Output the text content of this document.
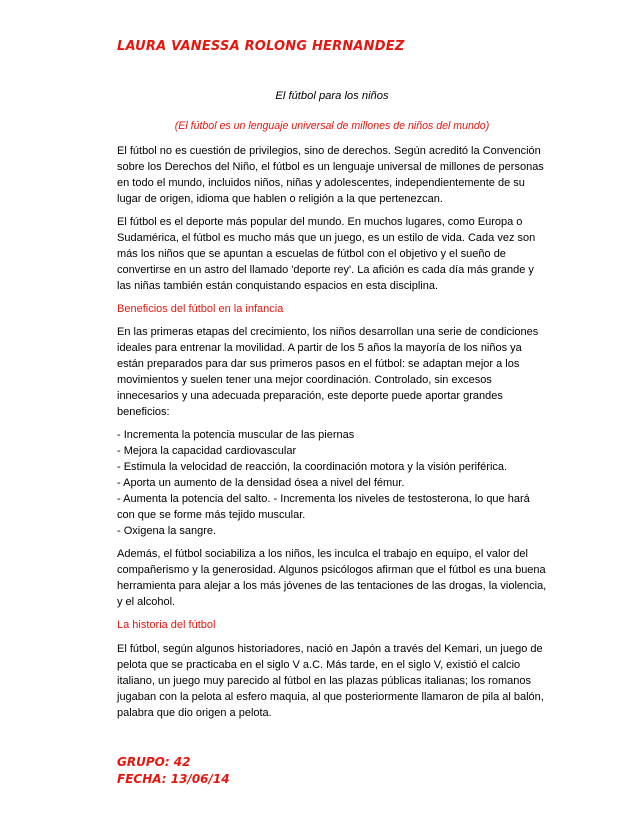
LAURA VANESSA ROLONG HERNANDEZ
El fútbol para los niños
(El fútbol es un lenguaje universal de millones de niños del mundo)

El fútbol no es cuestión de privilegios, sino de derechos. Según acreditó la Convención sobre los Derechos del Niño, el fútbol es un lenguaje universal de millones de personas en todo el mundo, incluidos niños, niñas y adolescentes, independientemente de su lugar de origen, idioma que hablen o religión a la que pertenezcan.

El fútbol es el deporte más popular del mundo. En muchos lugares, como Europa o Sudamérica, el fútbol es mucho más que un juego, es un estilo de vida. Cada vez son más los niños que se apuntan a escuelas de fútbol con el objetivo y el sueño de convertirse en un astro del llamado 'deporte rey'. La afición es cada día más grande y las niñas también están conquistando espacios en esta disciplina.

Beneficios del fútbol en la infancia

En las primeras etapas del crecimiento, los niños desarrollan una serie de condiciones ideales para entrenar la movilidad. A partir de los 5 años la mayoría de los niños ya están preparados para dar sus primeros pasos en el fútbol: se adaptan mejor a los movimientos y suelen tener una mejor coordinación. Controlado, sin excesos innecesarios y una adecuada preparación, este deporte puede aportar grandes beneficios:

- Incrementa la potencia muscular de las piernas
- Mejora la capacidad cardiovascular
- Estimula la velocidad de reacción, la coordinación motora y la visión periférica.
- Aporta un aumento de la densidad ósea a nivel del fémur.
- Aumenta la potencia del salto. - Incrementa los niveles de testosterona, lo que hará con que se forme más tejido muscular.
- Oxigena la sangre.

Además, el fútbol sociabiliza a los niños, les inculca el trabajo en equipo, el valor del compañerismo y la generosidad. Algunos psicólogos afirman que el fútbol es una buena herramienta para alejar a los más jóvenes de las tentaciones de las drogas, la violencia, y el alcohol.

La historia del fútbol

El fútbol, según algunos historiadores, nació en Japón a través del Kemari, un juego de pelota que se practicaba en el siglo V a.C. Más tarde, en el siglo V, existió el calcio italiano, un juego muy parecido al fútbol en las plazas públicas italianas; los romanos jugaban con la pelota al esfero maquia, al que posteriormente llamaron de pila al balón, palabra que dio origen a pelota.

GRUPO: 42
FECHA: 13/06/14
